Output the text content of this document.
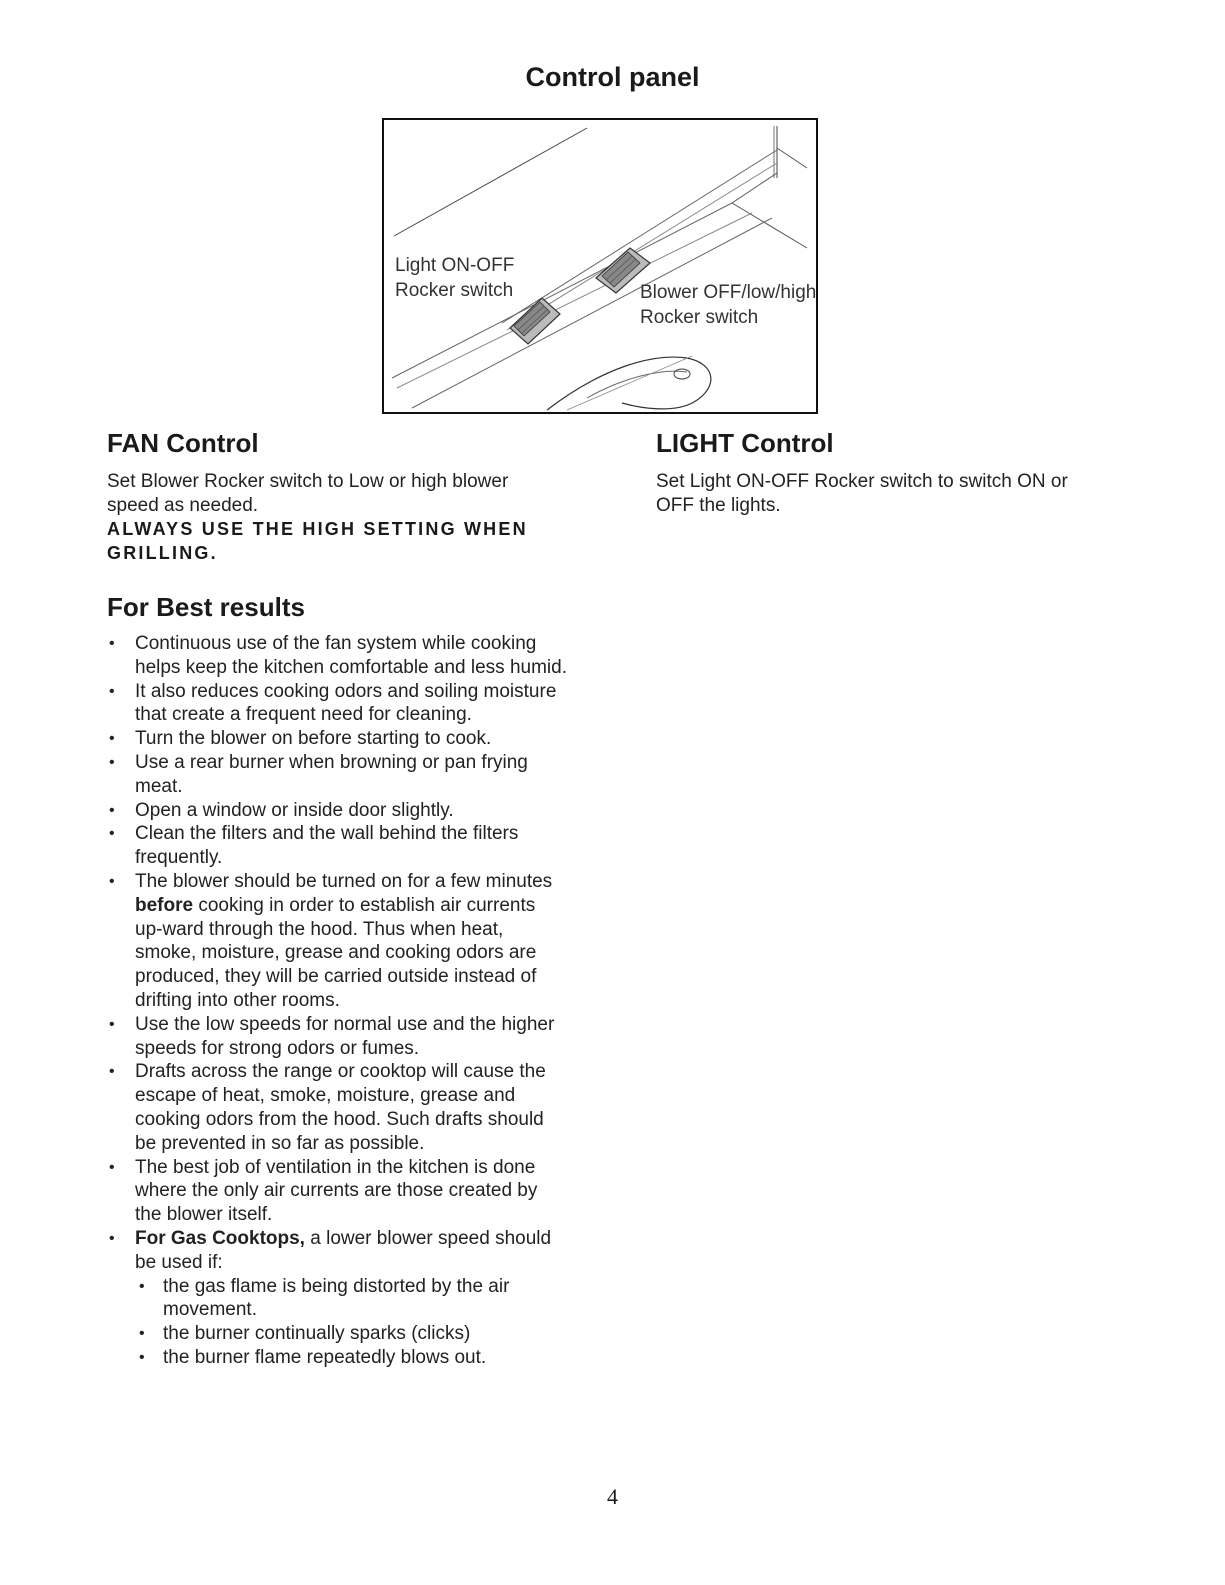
Control panel
Light ON-OFF
Rocker switch	Blower OFF/low/high
Rocker switch
FAN Control

Set Blower Rocker switch to Low or high blower speed as needed.

ALWAYS USE THE HIGH SETTING WHEN GRILLING.

LIGHT Control

Set Light ON-OFF Rocker switch to switch ON or OFF the lights.

For Best results
• Continuous use of the fan system while cooking helps keep the kitchen comfortable and less humid.
• It also reduces cooking odors and soiling moisture that create a frequent need for cleaning.
• Turn the blower on before starting to cook.
• Use a rear burner when browning or pan frying meat.
• Open a window or inside door slightly.
• Clean the filters and the wall behind the filters frequently.
• The blower should be turned on for a few minutes before cooking in order to establish air currents up-ward through the hood. Thus when heat, smoke, moisture, grease and cooking odors are produced, they will be carried outside instead of drifting into other rooms.
• Use the low speeds for normal use and the higher speeds for strong odors or fumes.
• Drafts across the range or cooktop will cause the escape of heat, smoke, moisture, grease and cooking odors from the hood. Such drafts should be prevented in so far as possible.
• The best job of ventilation in the kitchen is done where the only air currents are those created by the blower itself.
• For Gas Cooktops, a lower blower speed should be used if:
• the gas flame is being distorted by the air movement.
• the burner continually sparks (clicks)
• the burner flame repeatedly blows out.
4
